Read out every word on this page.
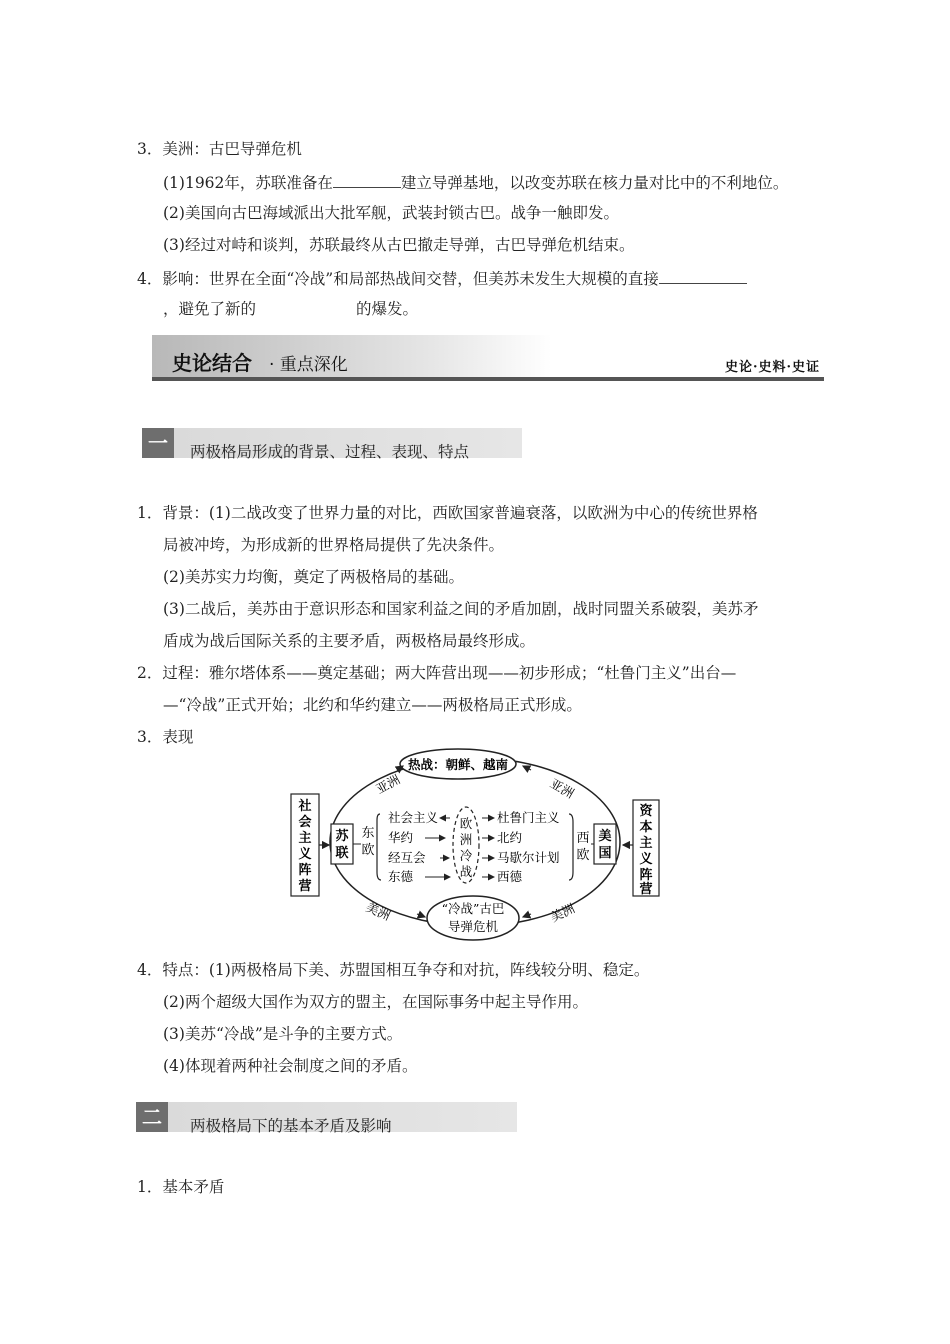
3．美洲：古巴导弹危机
(1)1962年，苏联准备在	建立导弹基地，以改变苏联在核力量对比中的不利地位。
(2)美国向古巴海域派出大批军舰，武装封锁古巴。战争一触即发。
(3)经过对峙和谈判，苏联最终从古巴撤走导弹，古巴导弹危机结束。
4．影响：世界在全面“冷战”和局部热战间交替，但美苏未发生大规模的直接
，避免了新的	的爆发。
史论结合 · 重点深化	史论·史料·史证
一	两极格局形成的背景、过程、表现、特点
1．背景：(1)二战改变了世界力量的对比，西欧国家普遍衰落，以欧洲为中心的传统世界格
局被冲垮，为形成新的世界格局提供了先决条件。
(2)美苏实力均衡，奠定了两极格局的基础。
(3)二战后，美苏由于意识形态和国家利益之间的矛盾加剧，战时同盟关系破裂，美苏矛
盾成为战后国际关系的主要矛盾，两极格局最终形成。
2．过程：雅尔塔体系——奠定基础；两大阵营出现——初步形成；“杜鲁门主义”出台—
—“冷战”正式开始；北约和华约建立——两极格局正式形成。
3．表现
热战：朝鲜、越南
“冷战”古巴
导弹危机
社会主义阵营
资本主义阵营
苏联
美国
东欧
西欧
欧洲冷战
社会主义
华约
经互会
东德
杜鲁门主义
北约
马歇尔计划
西德
亚洲	亚洲
美洲	美洲
4．特点：(1)两极格局下美、苏盟国相互争夺和对抗，阵线较分明、稳定。
(2)两个超级大国作为双方的盟主，在国际事务中起主导作用。
(3)美苏“冷战”是斗争的主要方式。
(4)体现着两种社会制度之间的矛盾。
二	两极格局下的基本矛盾及影响
1．基本矛盾
